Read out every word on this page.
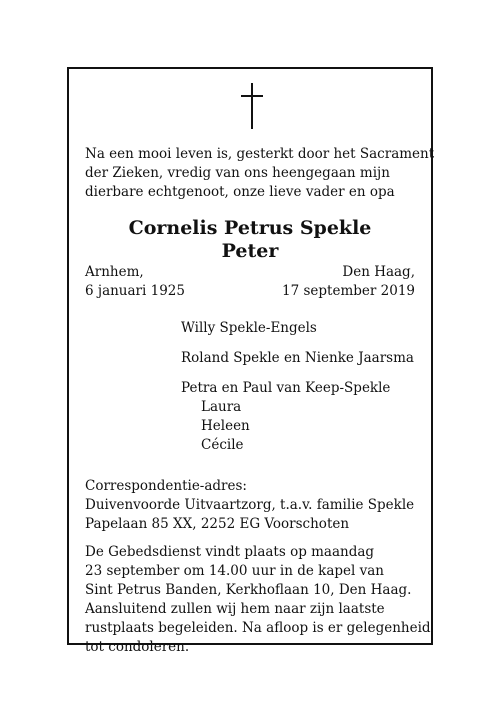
Na een mooi leven is, gesterkt door het Sacrament
der Zieken, vredig van ons heengegaan mijn
dierbare echtgenoot, onze lieve vader en opa
Cornelis Petrus Spekle
Peter
Arnhem,
6 januari 1925
Den Haag,
17 september 2019
Willy Spekle-Engels
Roland Spekle en Nienke Jaarsma
Petra en Paul van Keep-Spekle
Laura
Heleen
Cécile
Correspondentie-adres:
Duivenvoorde Uitvaartzorg, t.a.v. familie Spekle
Papelaan 85 XX, 2252 EG Voorschoten
De Gebedsdienst vindt plaats op maandag
23 september om 14.00 uur in de kapel van
Sint Petrus Banden, Kerkhoflaan 10, Den Haag.
Aansluitend zullen wij hem naar zijn laatste
rustplaats begeleiden. Na afloop is er gelegenheid
tot condoleren.
